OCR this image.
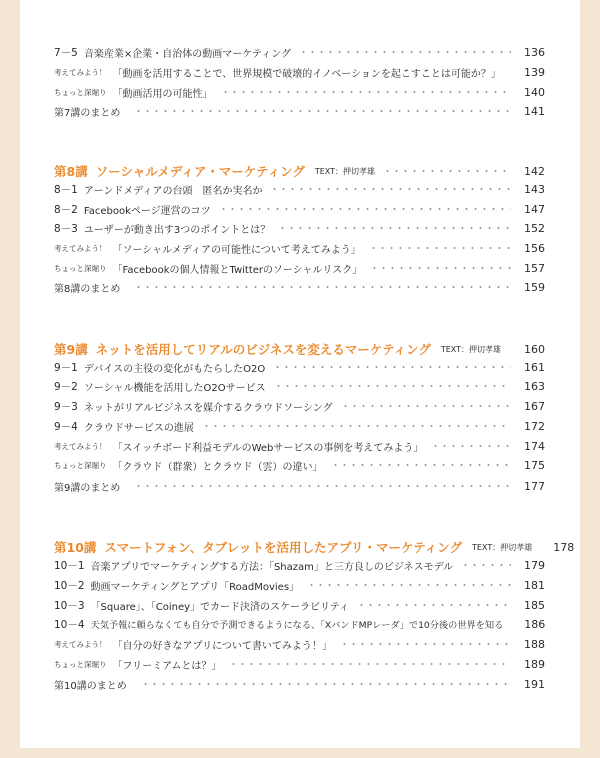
7－5 音楽産業×企業・自治体の動画マーケティング	136
考えてみよう！ 「動画を活用することで、世界規模で破壊的イノベーションを起こすことは可能か？」	139
ちょっと深堀り 「動画活用の可能性」	140
第7講のまとめ	141
第8講 ソーシャルメディア・マーケティング TEXT：押切孝雄	142
8－1 アーンドメディアの台頭　匿名か実名か	143
8－2 Facebookページ運営のコツ	147
8－3 ユーザーが動き出す3つのポイントとは？	152
考えてみよう！ 「ソーシャルメディアの可能性について考えてみよう」	156
ちょっと深堀り 「Facebookの個人情報とTwitterのソーシャルリスク」	157
第8講のまとめ	159
第9講 ネットを活用してリアルのビジネスを変えるマーケティング TEXT：押切孝雄	160
9－1 デバイスの主役の変化がもたらしたO2O	161
9－2 ソーシャル機能を活用したO2Oサービス	163
9－3 ネットがリアルビジネスを媒介するクラウドソーシング	167
9－4 クラウドサービスの進展	172
考えてみよう！ 「スイッチボード利益モデルのWebサービスの事例を考えてみよう」	174
ちょっと深堀り 「クラウド（群衆）とクラウド（雲）の違い」	175
第9講のまとめ	177
第10講 スマートフォン、タブレットを活用したアプリ・マーケティング TEXT：押切孝雄	178
10－1 音楽アプリでマーケティングする方法：「Shazam」と三方良しのビジネスモデル	179
10－2 動画マーケティングとアプリ「RoadMovies」	181
10－3 「Square」、「Coiney」でカード決済のスケーラビリティ	185
10－4 天気予報に頼らなくても自分で予測できるようになる、「XバンドMPレーダ」で10分後の世界を知る	186
考えてみよう！ 「自分の好きなアプリについて書いてみよう！」	188
ちょっと深堀り 「フリーミアムとは？」	189
第10講のまとめ	191
